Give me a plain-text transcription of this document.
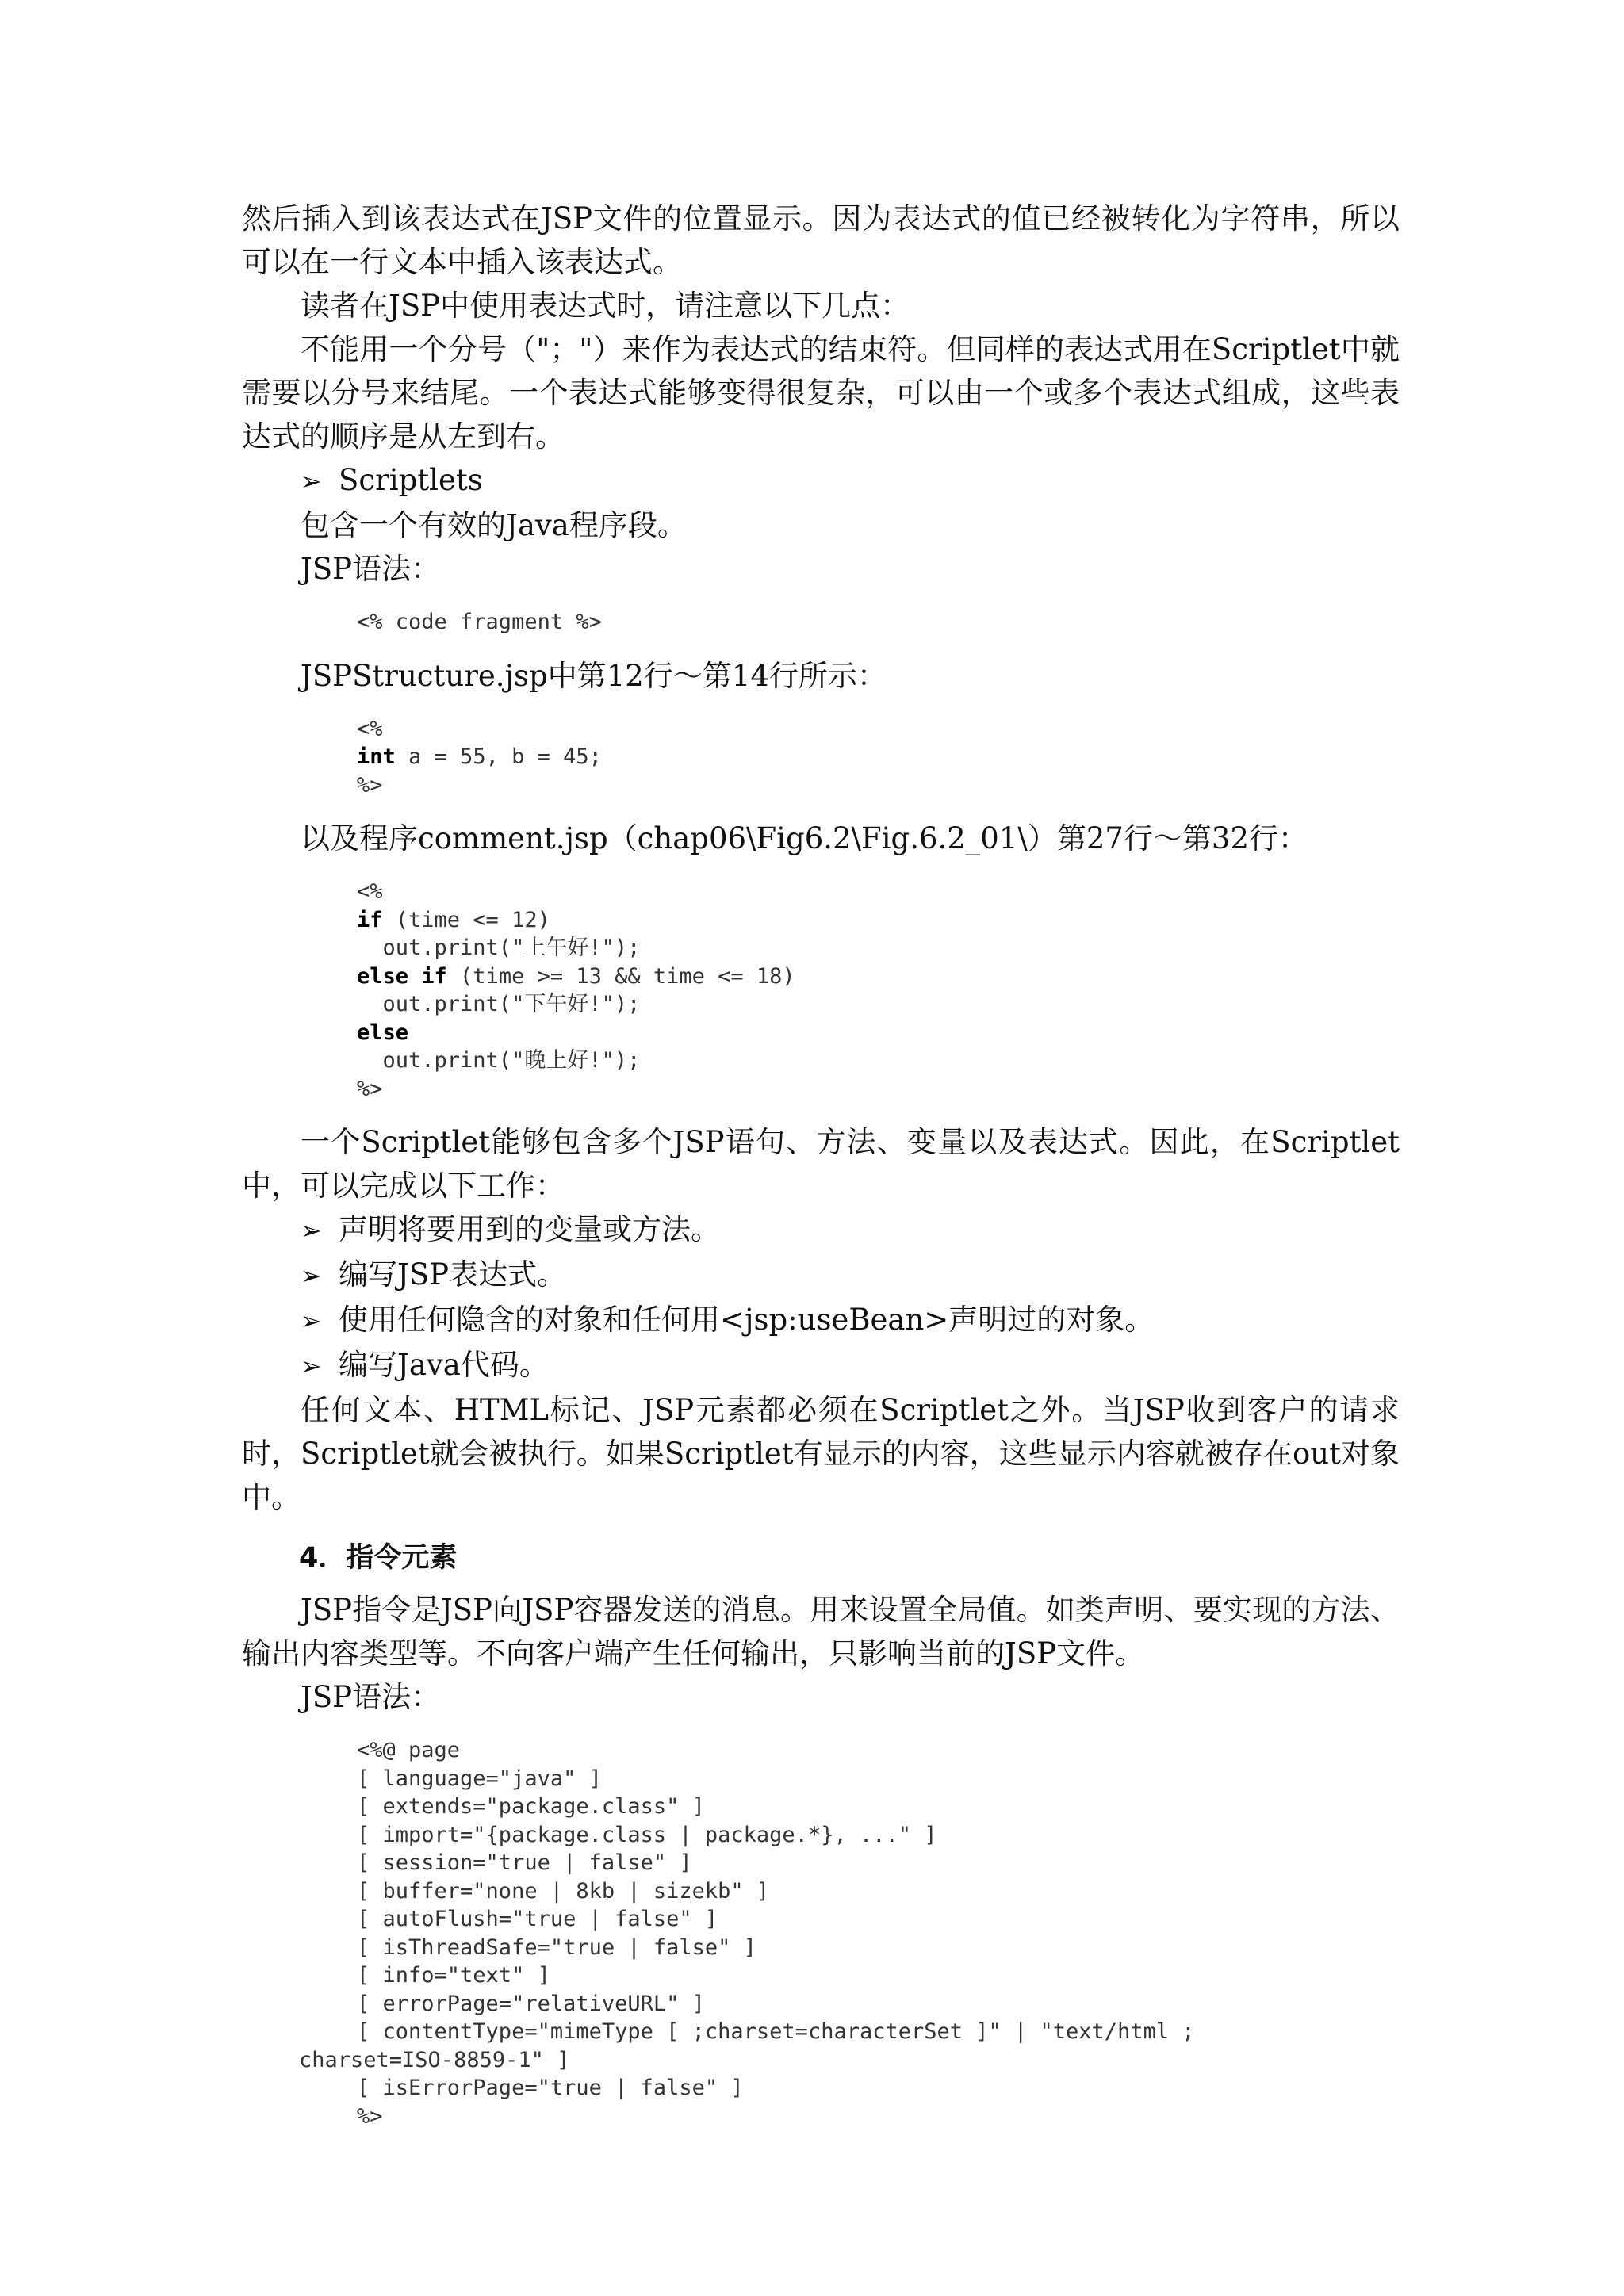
然后插入到该表达式在JSP文件的位置显示。因为表达式的值已经被转化为字符串，所以可以在一行文本中插入该表达式。

读者在JSP中使用表达式时，请注意以下几点：

不能用一个分号（"；"）来作为表达式的结束符。但同样的表达式用在Scriptlet中就需要以分号来结尾。一个表达式能够变得很复杂，可以由一个或多个表达式组成，这些表达式的顺序是从左到右。

➢ Scriptlets

包含一个有效的Java程序段。

JSP语法：

<% code fragment %>

JSPStructure.jsp中第12行～第14行所示：

<%
int a = 55, b = 45;
%>

以及程序comment.jsp（chap06\Fig6.2\Fig.6.2_01\）第27行～第32行：

<%
if (time <= 12)
out.print("上午好!");
else if (time >= 13 && time <= 18)
out.print("下午好!");
else
out.print("晚上好!");
%>

一个Scriptlet能够包含多个JSP语句、方法、变量以及表达式。因此，在Scriptlet中，可以完成以下工作：

➢ 声明将要用到的变量或方法。

➢ 编写JSP表达式。

➢ 使用任何隐含的对象和任何用<jsp:useBean>声明过的对象。

➢ 编写Java代码。

任何文本、HTML标记、JSP元素都必须在Scriptlet之外。当JSP收到客户的请求时，Scriptlet就会被执行。如果Scriptlet有显示的内容，这些显示内容就被存在out对象中。

4．指令元素

JSP指令是JSP向JSP容器发送的消息。用来设置全局值。如类声明、要实现的方法、输出内容类型等。不向客户端产生任何输出，只影响当前的JSP文件。

JSP语法：

<%@ page
[ language="java" ]
[ extends="package.class" ]
[ import="{package.class | package.*}, ..." ]
[ session="true | false" ]
[ buffer="none | 8kb | sizekb" ]
[ autoFlush="true | false" ]
[ isThreadSafe="true | false" ]
[ info="text" ]
[ errorPage="relativeURL" ]
[ contentType="mimeType [ ;charset=characterSet ]" | "text/html ;
charset=ISO-8859-1" ]
[ isErrorPage="true | false" ]
%>
